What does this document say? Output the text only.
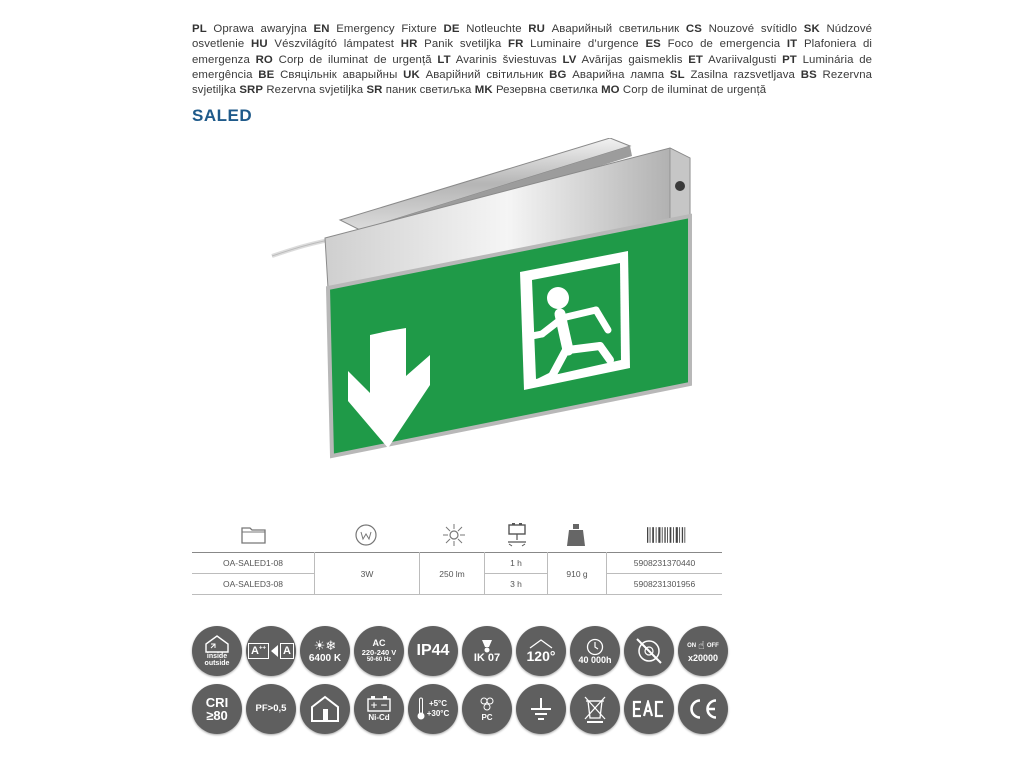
PL Oprawa awaryjna EN Emergency Fixture DE Notleuchte RU Аварийный светильник CS Nouzové svítidlo SK Núdzové osvetlenie HU Vészvilágító lámpatest HR Panik svetiljka FR Luminaire d’urgence ES Foco de emergencia IT Plafoniera di emergenza RO Corp de iluminat de urgență LT Avarinis šviestuvas LV Avārijas gaismeklis ET Avariivalgusti PT Luminária de emergência BE Свяцільнік аварыйны UK Аварійний світильник BG Аварийна лампа SL Zasilna razsvetljava BS Rezervna svjetiljka SRP Rezervna svjetiljka SR паник светиљка MK Резервна светилка MO Corp de iluminat de urgență
SALED
OA-SALED1-08	3W	250 lm	1 h	910 g	5908231370440
OA-SALED3-08			3 h		5908231301956
inside
outside
A++ A ☀❄
6400 K
AC
220-240 V
50-60 Hz
IP44 IK 07 120°	40 000h
ON ☝ OFF
x20000
CRI
≥80	PF>0,5	+ −
Ni-Cd
+5°C
+30°C	PC
